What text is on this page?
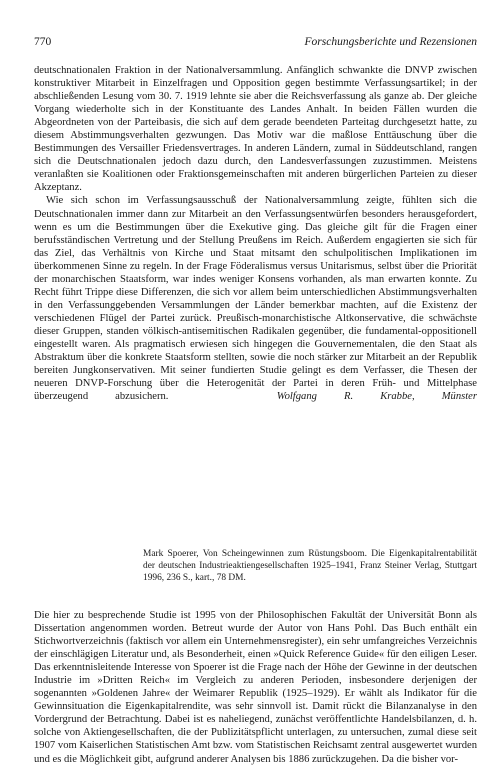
770	Forschungsberichte und Rezensionen

deutschnationalen Fraktion in der Nationalversammlung. Anfänglich schwankte die DNVP zwischen konstruktiver Mitarbeit in Einzelfragen und Opposition gegen bestimmte Verfassungsartikel; in der abschließenden Lesung vom 30. 7. 1919 lehnte sie aber die Reichsverfassung als ganze ab. Der gleiche Vorgang wiederholte sich in der Konstituante des Landes Anhalt. In beiden Fällen wurden die Abgeordneten von der Parteibasis, die sich auf dem gerade beendeten Parteitag durchgesetzt hatte, zu diesem Abstimmungsverhalten gezwungen. Das Motiv war die maßlose Enttäuschung über die Bestimmungen des Versailler Friedensvertrages. In anderen Ländern, zumal in Süddeutschland, rangen sich die Deutschnationalen jedoch dazu durch, den Landesverfassungen zuzustimmen. Meistens veranlaßten sie Koalitionen oder Fraktionsgemeinschaften mit anderen bürgerlichen Parteien zu dieser Akzeptanz.

Wie sich schon im Verfassungsausschuß der Nationalversammlung zeigte, fühlten sich die Deutschnationalen immer dann zur Mitarbeit an den Verfassungsentwürfen besonders herausgefordert, wenn es um die Bestimmungen über die Exekutive ging. Das gleiche gilt für die Fragen einer berufsständischen Vertretung und der Stellung Preußens im Reich. Außerdem engagierten sie sich für das Ziel, das Verhältnis von Kirche und Staat mitsamt den schulpolitischen Implikationen im überkommenen Sinne zu regeln. In der Frage Föderalismus versus Unitarismus, selbst über die Priorität der monarchischen Staatsform, war indes weniger Konsens vorhanden, als man erwarten konnte. Zu Recht führt Trippe diese Differenzen, die sich vor allem beim unterschiedlichen Abstimmungsverhalten in den Verfassunggebenden Versammlungen der Länder bemerkbar machten, auf die Existenz der verschiedenen Flügel der Partei zurück. Preußisch-monarchistische Altkonservative, die schwächste dieser Gruppen, standen völkisch-antisemitischen Radikalen gegenüber, die fundamental-oppositionell eingestellt waren. Als pragmatisch erwiesen sich hingegen die Gouvernementalen, die den Staat als Abstraktum über die konkrete Staatsform stellten, sowie die noch stärker zur Mitarbeit an der Republik bereiten Jungkonservativen. Mit seiner fundierten Studie gelingt es dem Verfasser, die Thesen der neueren DNVP-Forschung über die Heterogenität der Partei in deren Früh- und Mittelphase überzeugend abzusichern.	Wolfgang R. Krabbe, Münster

Mark Spoerer, Von Scheingewinnen zum Rüstungsboom. Die Eigenkapitalrentabilität der deutschen Industrieaktiengesellschaften 1925–1941, Franz Steiner Verlag, Stuttgart 1996, 236 S., kart., 78 DM.

Die hier zu besprechende Studie ist 1995 von der Philosophischen Fakultät der Universität Bonn als Dissertation angenommen worden. Betreut wurde der Autor von Hans Pohl. Das Buch enthält ein Stichwortverzeichnis (faktisch vor allem ein Unternehmensregister), ein sehr umfangreiches Verzeichnis der einschlägigen Literatur und, als Besonderheit, einen »Quick Reference Guide« für den eiligen Leser. Das erkenntnisleitende Interesse von Spoerer ist die Frage nach der Höhe der Gewinne in der deutschen Industrie im »Dritten Reich« im Vergleich zu anderen Perioden, insbesondere derjenigen der sogenannten »Goldenen Jahre« der Weimarer Republik (1925–1929). Er wählt als Indikator für die Gewinnsituation die Eigenkapitalrendite, was sehr sinnvoll ist. Damit rückt die Bilanzanalyse in den Vordergrund der Betrachtung. Dabei ist es naheliegend, zunächst veröffentlichte Handelsbilanzen, d. h. solche von Aktiengesellschaften, die der Publizitätspflicht unterlagen, zu untersuchen, zumal diese seit 1907 vom Kaiserlichen Statistischen Amt bzw. vom Statistischen Reichsamt zentral ausgewertet wurden und es die Möglichkeit gibt, aufgrund anderer Analysen bis 1886 zurückzugehen. Da die bisher vor-
